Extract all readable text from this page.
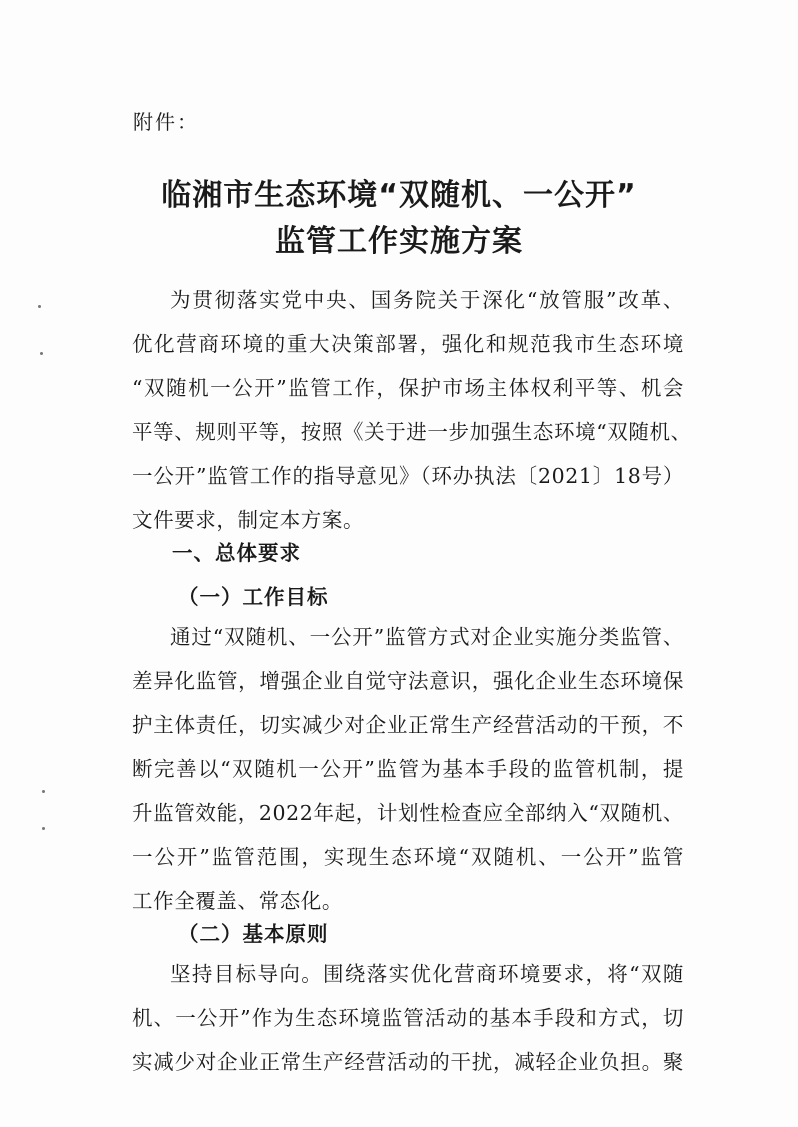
附件：
临湘市生态环境“双随机、一公开”
监管工作实施方案
为贯彻落实党中央、国务院关于深化“放管服”改革、
优化营商环境的重大决策部署，强化和规范我市生态环境
“双随机一公开”监管工作，保护市场主体权利平等、机会
平等、规则平等，按照《关于进一步加强生态环境“双随机、
一公开”监管工作的指导意见》（环办执法〔2021〕18号）
文件要求，制定本方案。
一、总体要求
（一）工作目标
通过“双随机、一公开”监管方式对企业实施分类监管、
差异化监管，增强企业自觉守法意识，强化企业生态环境保
护主体责任，切实减少对企业正常生产经营活动的干预，不
断完善以“双随机一公开”监管为基本手段的监管机制，提
升监管效能，2022年起，计划性检查应全部纳入“双随机、
一公开”监管范围，实现生态环境“双随机、一公开”监管
工作全覆盖、常态化。
（二）基本原则
坚持目标导向。围绕落实优化营商环境要求，将“双随
机、一公开”作为生态环境监管活动的基本手段和方式，切
实减少对企业正常生产经营活动的干扰，减轻企业负担。聚
